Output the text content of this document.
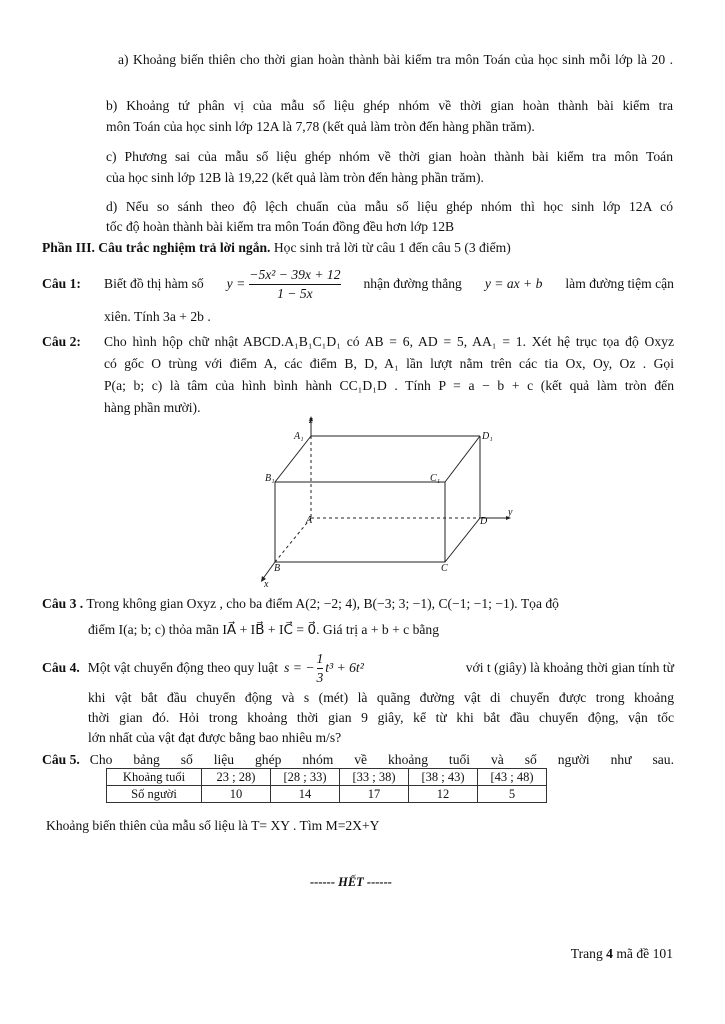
a) Khoảng biến thiên cho thời gian hoàn thành bài kiểm tra môn Toán của học sinh mỗi lớp là 20 .
b) Khoảng tứ phân vị của mẫu số liệu ghép nhóm về thời gian hoàn thành bài kiểm tra
môn Toán của học sinh lớp 12A là 7,78 (kết quả làm tròn đến hàng phần trăm).
c) Phương sai của mẫu số liệu ghép nhóm về thời gian hoàn thành bài kiểm tra môn Toán
của học sinh lớp 12B là 19,22 (kết quả làm tròn đến hàng phần trăm).
d) Nếu so sánh theo độ lệch chuẩn của mẫu số liệu ghép nhóm thì học sinh lớp 12A có
tốc độ hoàn thành bài kiểm tra môn Toán đồng đều hơn lớp 12B
Phần III. Câu trắc nghiệm trả lời ngắn. Học sinh trả lời từ câu 1 đến câu 5 (3 điểm)
Câu 1: Biết đồ thị hàm số $y = \frac{\text{−5x² − 39x + 12}}{1 - 5x}$ nhận đường thẳng y = ax + b làm đường tiệm cận
xiên. Tính 3a + 2b .
Câu 2: Cho hình hộp chữ nhật ABCD.A₁B₁C₁D₁ có AB = 6, AD = 5, AA₁ = 1. Xét hệ trục tọa độ Oxyz
có gốc O trùng với điểm A, các điểm B, D, A₁ lần lượt nằm trên các tia Ox, Oy, Oz . Gọi
P(a; b; c) là tâm của hình bình hành CC₁D₁D . Tính P = a − b + c (kết quả làm tròn đến
hàng phần mười).
A₁	D₁
B₁	C₁
A	D
B	C
z
y
x
Câu 3 . Trong không gian Oxyz , cho ba điểm A(2; −2; 4), B(−3; 3; −1), C(−1; −1; −1). Tọa độ
điểm I(a; b; c) thỏa mãn IA⃗ + IB⃗ + IC⃗ = 0⃗. Giá trị a + b + c bằng
Câu 4. Một vật chuyển động theo quy luật s = − $\frac{1}{3} t^3 + 6t^2$	với t (giây) là khoảng thời gian tính từ
khi vật bắt đầu chuyển động và s (mét) là quãng đường vật di chuyển được trong khoảng
thời gian đó. Hỏi trong khoảng thời gian 9 giây, kể từ khi bắt đầu chuyển động, vận tốc
lớn nhất của vật đạt được bằng bao nhiêu m/s?
Câu 5. Cho bảng số liệu ghép nhóm về khoảng tuổi và số người như sau.
Khoảng tuổi	23 ; 28)	[28 ; 33)	[33 ; 38)	[38 ; 43)	[43 ; 48)
Số người	10	14	17	12	5
Khoảng biến thiên của mẫu số liệu là T= XY . Tìm M=2X+Y
------ HẾT ------
Trang 4 mã đề 101
